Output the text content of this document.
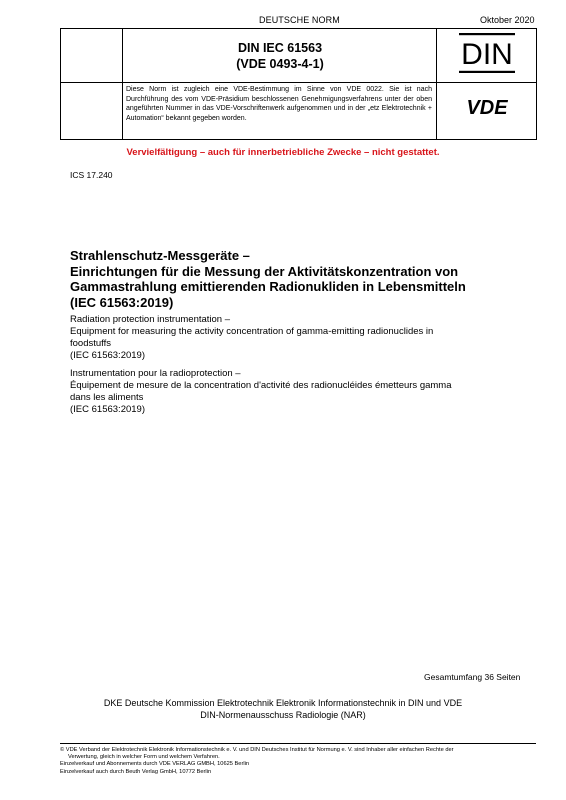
DEUTSCHE NORM	Oktober 2020
DIN IEC 61563
(VDE 0493-4-1)	DIN
VDE
Diese Norm ist zugleich eine VDE-Bestimmung im Sinne von VDE 0022. Sie ist nach Durchführung des vom VDE-Präsidium beschlossenen Genehmigungsverfahrens unter der oben angeführten Nummer in das VDE-Vorschriftenwerk aufgenommen und in der „etz Elektrotechnik + Automation“ bekannt gegeben worden.
Vervielfältigung – auch für innerbetriebliche Zwecke – nicht gestattet.
ICS 17.240
Strahlenschutz-Messgeräte –
Einrichtungen für die Messung der Aktivitätskonzentration von
Gammastrahlung emittierenden Radionukliden in Lebensmitteln
(IEC 61563:2019)
Radiation protection instrumentation –
Equipment for measuring the activity concentration of gamma-emitting radionuclides in
foodstuffs
(IEC 61563:2019)
Instrumentation pour la radioprotection –
Équipement de mesure de la concentration d'activité des radionucléides émetteurs gamma
dans les aliments
(IEC 61563:2019)
Gesamtumfang 36 Seiten
DKE Deutsche Kommission Elektrotechnik Elektronik Informationstechnik in DIN und VDE
DIN-Normenausschuss Radiologie (NAR)
© VDE Verband der Elektrotechnik Elektronik Informationstechnik e. V. und DIN Deutsches Institut für Normung e. V. sind Inhaber aller einfachen Rechte der
Verwertung, gleich in welcher Form und welchem Verfahren.
Einzelverkauf und Abonnements durch VDE VERLAG GMBH, 10625 Berlin
Einzelverkauf auch durch Beuth Verlag GmbH, 10772 Berlin
